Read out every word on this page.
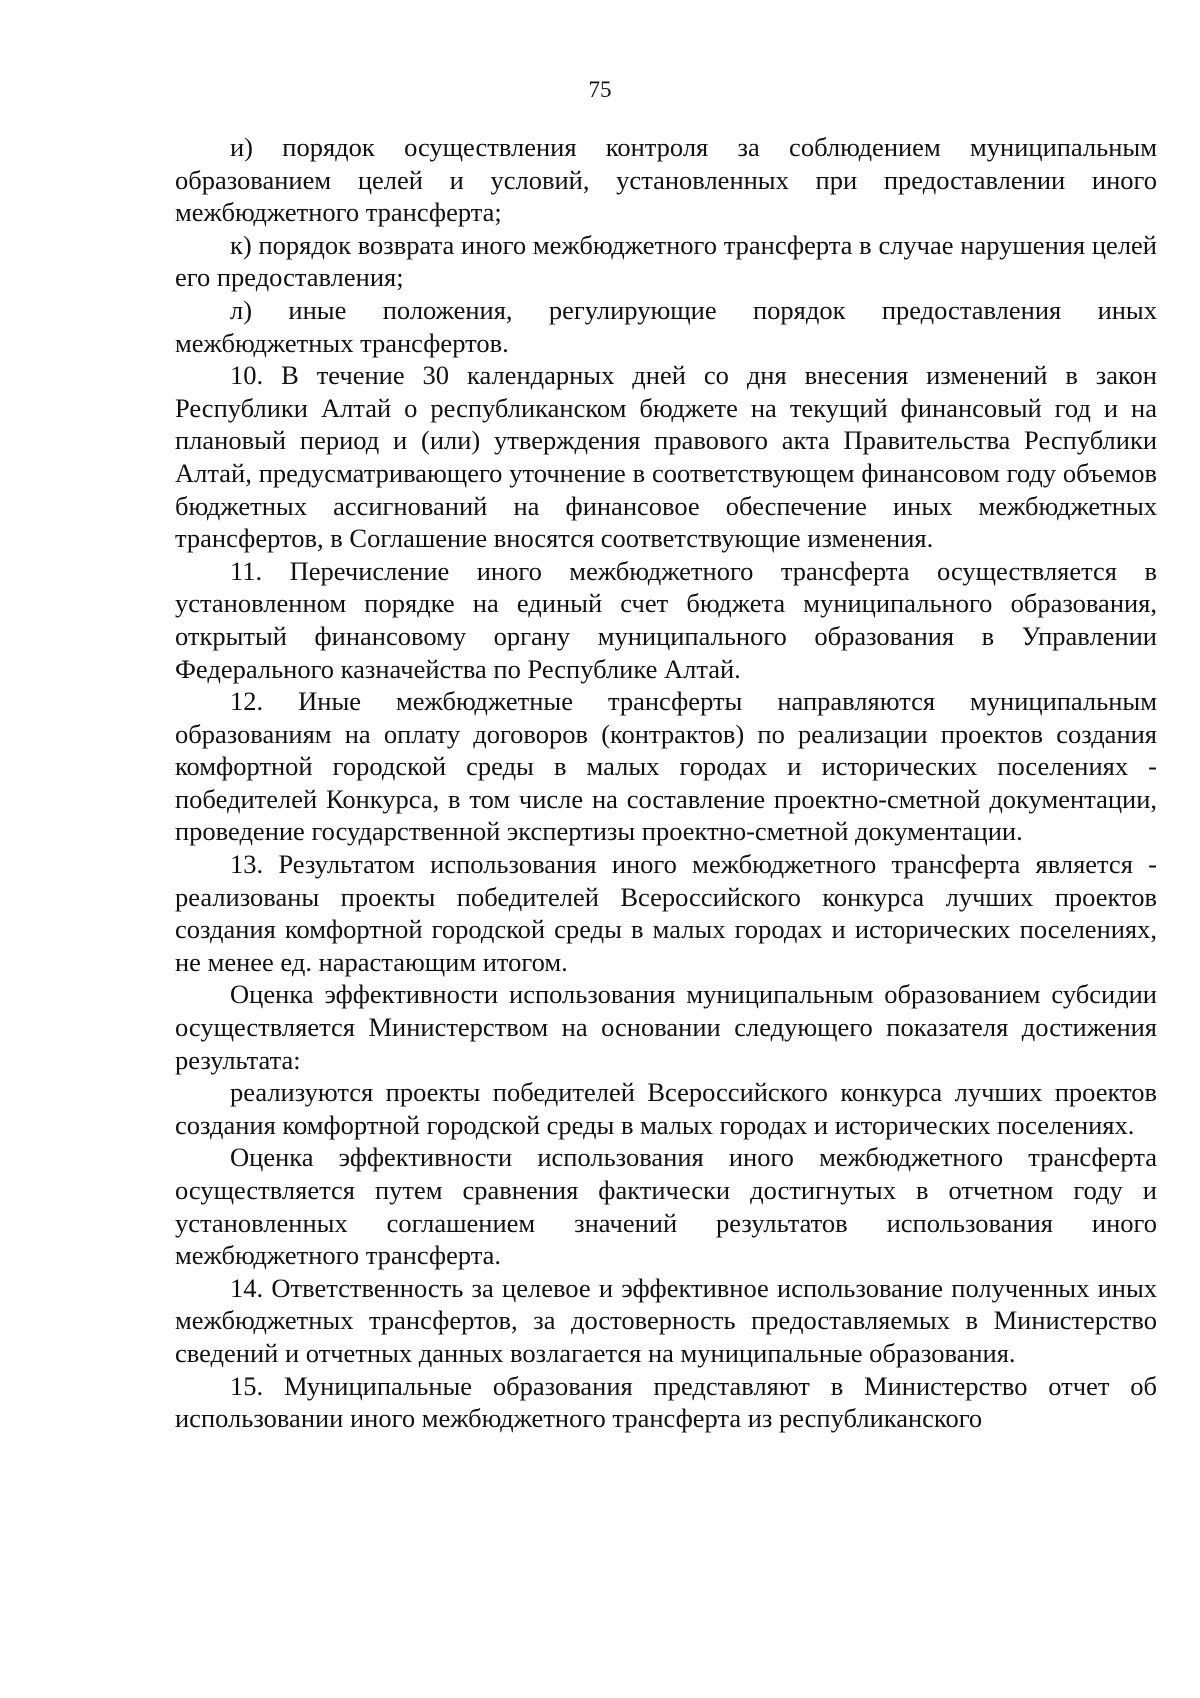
75

и) порядок осуществления контроля за соблюдением муниципальным образованием целей и условий, установленных при предоставлении иного межбюджетного трансферта;

к) порядок возврата иного межбюджетного трансферта в случае нарушения целей его предоставления;

л) иные положения, регулирующие порядок предоставления иных межбюджетных трансфертов.

10. В течение 30 календарных дней со дня внесения изменений в закон Республики Алтай о республиканском бюджете на текущий финансовый год и на плановый период и (или) утверждения правового акта Правительства Республики Алтай, предусматривающего уточнение в соответствующем финансовом году объемов бюджетных ассигнований на финансовое обеспечение иных межбюджетных трансфертов, в Соглашение вносятся соответствующие изменения.

11. Перечисление иного межбюджетного трансферта осуществляется в установленном порядке на единый счет бюджета муниципального образования, открытый финансовому органу муниципального образования в Управлении Федерального казначейства по Республике Алтай.

12. Иные межбюджетные трансферты направляются муниципальным образованиям на оплату договоров (контрактов) по реализации проектов создания комфортной городской среды в малых городах и исторических поселениях - победителей Конкурса, в том числе на составление проектно-сметной документации, проведение государственной экспертизы проектно-сметной документации.

13. Результатом использования иного межбюджетного трансферта является - реализованы проекты победителей Всероссийского конкурса лучших проектов создания комфортной городской среды в малых городах и исторических поселениях, не менее ед. нарастающим итогом.

Оценка эффективности использования муниципальным образованием субсидии осуществляется Министерством на основании следующего показателя достижения результата:

реализуются проекты победителей Всероссийского конкурса лучших проектов создания комфортной городской среды в малых городах и исторических поселениях.

Оценка эффективности использования иного межбюджетного трансферта осуществляется путем сравнения фактически достигнутых в отчетном году и установленных соглашением значений результатов использования иного межбюджетного трансферта.

14. Ответственность за целевое и эффективное использование полученных иных межбюджетных трансфертов, за достоверность предоставляемых в Министерство сведений и отчетных данных возлагается на муниципальные образования.

15. Муниципальные образования представляют в Министерство отчет об использовании иного межбюджетного трансферта из республиканского
